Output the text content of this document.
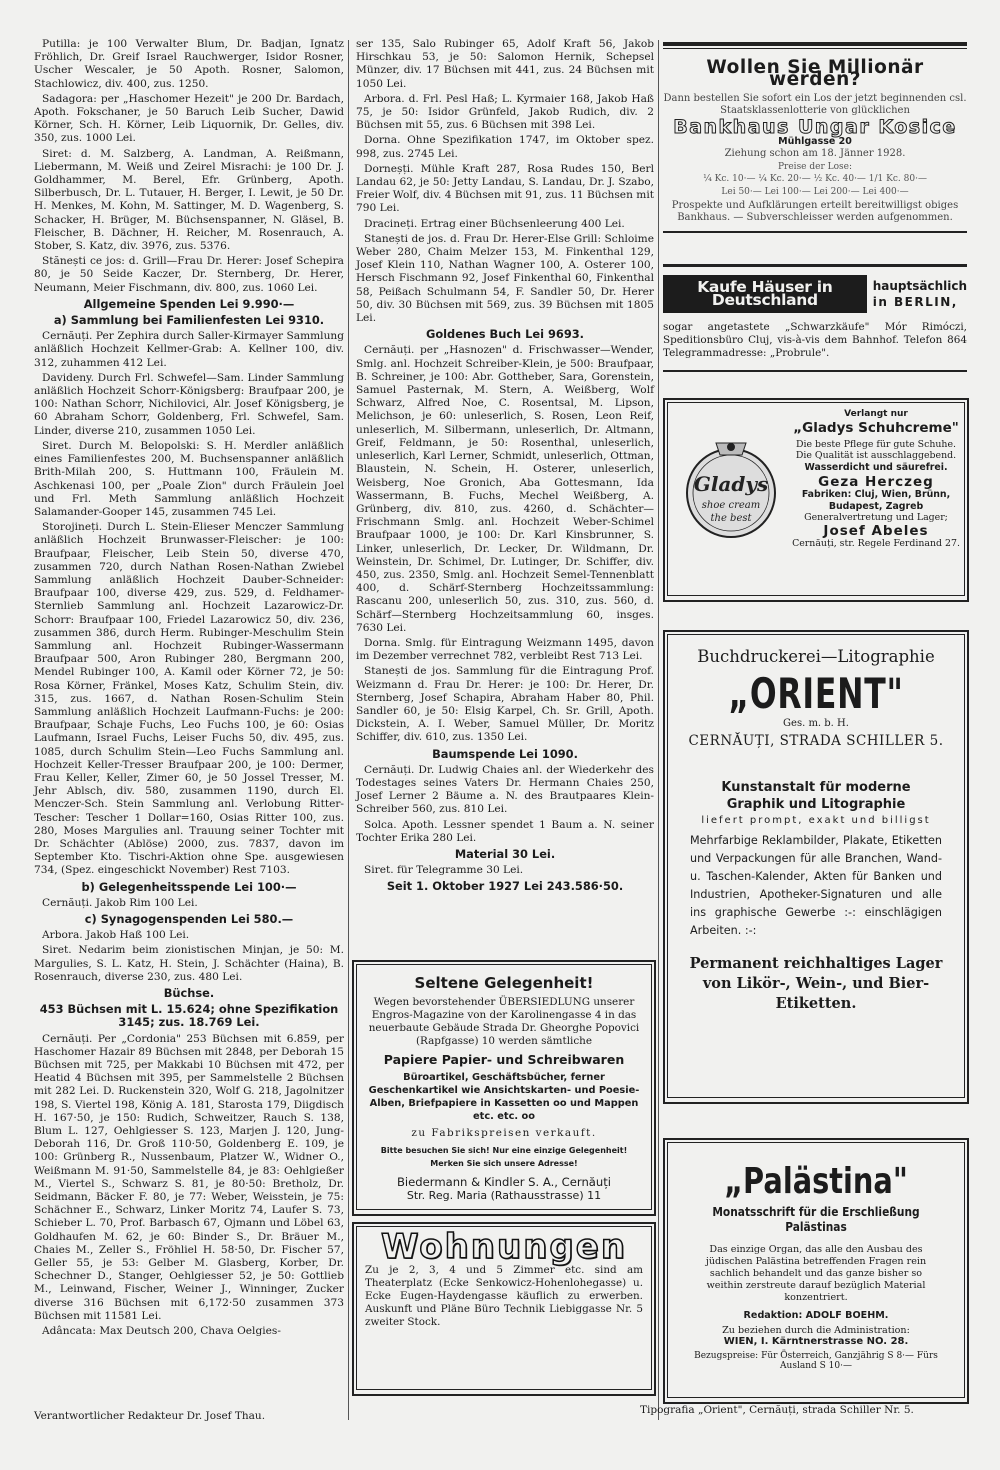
Putilla: je 100 Verwalter Blum, Dr. Badjan, Ignatz Fröhlich, Dr. Greif Israel Rauchwerger, Isidor Rosner, Uscher Wescaler, je 50 Apoth. Rosner, Salomon, Stachlowicz, div. 400, zus. 1250.

Sadagora: per „Haschomer Hezeit" je 200 Dr. Bardach, Apoth. Fokschaner, je 50 Baruch Leib Sucher, Dawid Körner, Sch. H. Körner, Leib Liquornik, Dr. Gelles, div. 350, zus. 1000 Lei.

Siret: d. M. Salzberg, A. Landman, A. Reißmann, Liebermann, M. Weiß und Zeirel Misrachi: je 100 Dr. J. Goldhammer, M. Berel, Efr. Grünberg, Apoth. Silberbusch, Dr. L. Tutauer, H. Berger, I. Lewit, je 50 Dr. H. Menkes, M. Kohn, M. Sattinger, M. D. Wagenberg, S. Schacker, H. Brüger, M. Büchsenspanner, N. Gläsel, B. Fleischer, B. Dächner, H. Reicher, M. Rosenrauch, A. Stober, S. Katz, div. 3976, zus. 5376.

Stănești ce jos: d. Grill—Frau Dr. Herer: Josef Schepira 80, je 50 Seide Kaczer, Dr. Sternberg, Dr. Herer, Neumann, Meier Fischmann, div. 800, zus. 1060 Lei.

Allgemeine Spenden Lei 9.990·—
a) Sammlung bei Familienfesten Lei 9310.

Cernăuți. Per Zephira durch Saller-Kirmayer Sammlung anläßlich Hochzeit Kellmer-Grab: A. Kellner 100, div. 312, zuhammen 412 Lei.

Davideny. Durch Frl. Schwefel—Sam. Linder Sammlung anläßlich Hochzeit Schorr-Königsberg: Braufpaar 200, je 100: Nathan Schorr, Nichilovici, Alr. Josef Königsberg, je 60 Abraham Schorr, Goldenberg, Frl. Schwefel, Sam. Linder, diverse 210, zusammen 1050 Lei.

Siret. Durch M. Belopolski: S. H. Merdler anläßlich eines Familienfestes 200, M. Buchsenspanner anläßlich Brith-Milah 200, S. Huttmann 100, Fräulein M. Aschkenasi 100, per „Poale Zion" durch Fräulein Joel und Frl. Meth Sammlung anläßlich Hochzeit Salamander-Gooper 145, zusammen 745 Lei.

Storojineți. Durch L. Stein-Elieser Menczer Sammlung anläßlich Hochzeit Brunwasser-Fleischer: je 100: Braufpaar, Fleischer, Leib Stein 50, diverse 470, zusammen 720, durch Nathan Rosen-Nathan Zwiebel Sammlung anläßlich Hochzeit Dauber-Schneider: Braufpaar 100, diverse 429, zus. 529, d. Feldhamer-Sternlieb Sammlung anl. Hochzeit Lazarowicz-Dr. Schorr: Braufpaar 100, Friedel Lazarowicz 50, div. 236, zusammen 386, durch Herm. Rubinger-Meschulim Stein Sammlung anl. Hochzeit Rubinger-Wassermann Braufpaar 500, Aron Rubinger 280, Bergmann 200, Mendel Rubinger 100, A. Kamil oder Körner 72, je 50: Rosa Körner, Fränkel, Moses Katz, Schulim Stein, div. 315, zus. 1667, d. Nathan Rosen-Schulim Stein Sammlung anläßlich Hochzeit Laufmann-Fuchs: je 200: Braufpaar, Schaje Fuchs, Leo Fuchs 100, je 60: Osias Laufmann, Israel Fuchs, Leiser Fuchs 50, div. 495, zus. 1085, durch Schulim Stein—Leo Fuchs Sammlung anl. Hochzeit Keller-Tresser Braufpaar 200, je 100: Dermer, Frau Keller, Keller, Zimer 60, je 50 Jossel Tresser, M. Jehr Ablsch, div. 580, zusammen 1190, durch El. Menczer-Sch. Stein Sammlung anl. Verlobung Ritter-Tescher: Tescher 1 Dollar=160, Osias Ritter 100, zus. 280, Moses Margulies anl. Trauung seiner Tochter mit Dr. Schächter (Ablöse) 2000, zus. 7837, davon im September Kto. Tischri-Aktion ohne Spe. ausgewiesen 734, (Spez. eingeschickt November) Rest 7103.

b) Gelegenheitsspende Lei 100·—

Cernăuți. Jakob Rim 100 Lei.

c) Synagogenspenden Lei 580.—

Arbora. Jakob Haß 100 Lei.

Siret. Nedarim beim zionistischen Minjan, je 50: M. Margulies, S. L. Katz, H. Stein, J. Schächter (Haina), B. Rosenrauch, diverse 230, zus. 480 Lei.

Büchse.
453 Büchsen mit L. 15.624; ohne Spezifikation 3145; zus. 18.769 Lei.

Cernăuți. Per „Cordonia" 253 Büchsen mit 6.859, per Haschomer Hazair 89 Büchsen mit 2848, per Deborah 15 Büchsen mit 725, per Makkabi 10 Büchsen mit 472, per Heatid 4 Büchsen mit 395, per Sammelstelle 2 Büchsen mit 282 Lei. D. Ruckenstein 320, Wolf G. 218, Jagolnitzer 198, S. Viertel 198, König A. 181, Starosta 179, Diigdisch H. 167·50, je 150: Rudich, Schweitzer, Rauch S. 138, Blum L. 127, Oehlgiesser S. 123, Marjen J. 120, Jung-Deborah 116, Dr. Groß 110·50, Goldenberg E. 109, je 100: Grünberg R., Nussenbaum, Platzer W., Widner O., Weißmann M. 91·50, Sammelstelle 84, je 83: Oehlgießer M., Viertel S., Schwarz S. 81, je 80·50: Bretholz, Dr. Seidmann, Bäcker F. 80, je 77: Weber, Weisstein, je 75: Schächner E., Schwarz, Linker Moritz 74, Laufer S. 73, Schieber L. 70, Prof. Barbasch 67, Ojmann und Löbel 63, Goldhaufen M. 62, je 60: Binder S., Dr. Bräuer M., Chaies M., Zeller S., Fröhliel H. 58·50, Dr. Fischer 57, Geller 55, je 53: Gelber M. Glasberg, Korber, Dr. Schechner D., Stanger, Oehlgiesser 52, je 50: Gottlieb M., Leinwand, Fischer, Weiner J., Winninger, Zucker diverse 316 Büchsen mit 6,172·50 zusammen 373 Büchsen mit 11581 Lei.

Adâncata: Max Deutsch 200, Chava Oelgies-

ser 135, Salo Rubinger 65, Adolf Kraft 56, Jakob Hirschkau 53, je 50: Salomon Hernik, Schepsel Münzer, div. 17 Büchsen mit 441, zus. 24 Büchsen mit 1050 Lei.

Arbora. d. Frl. Pesl Haß; L. Kyrmaier 168, Jakob Haß 75, je 50: Isidor Grünfeld, Jakob Rudich, div. 2 Büchsen mit 55, zus. 6 Büchsen mit 398 Lei.

Dorna. Ohne Spezifikation 1747, im Oktober spez. 998, zus. 2745 Lei.

Dorneșți. Mühle Kraft 287, Rosa Rudes 150, Berl Landau 62, je 50: Jetty Landau, S. Landau, Dr. J. Szabo, Freier Wolf, div. 4 Büchsen mit 91, zus. 11 Büchsen mit 790 Lei.

Dracineți. Ertrag einer Büchsenleerung 400 Lei.

Stanești de jos. d. Frau Dr. Herer-Else Grill: Schloime Weber 280, Chaim Melzer 153, M. Finkenthal 129, Josef Klein 110, Nathan Wagner 100, A. Osterer 100, Hersch Fischmann 92, Josef Finkenthal 60, Finkenthal 58, Peißach Schulmann 54, F. Sandler 50, Dr. Herer 50, div. 30 Büchsen mit 569, zus. 39 Büchsen mit 1805 Lei.

Goldenes Buch Lei 9693.

Cernăuți. per „Hasnozen" d. Frischwasser—Wender, Smlg. anl. Hochzeit Schreiber-Klein, je 500: Braufpaar, B. Schreiner, je 100: Abr. Gottheber, Sara, Gorenstein, Samuel Pasternak, M. Stern, A. Weißberg, Wolf Schwarz, Alfred Noe, C. Rosentsal, M. Lipson, Melichson, je 60: unleserlich, S. Rosen, Leon Reif, unleserlich, M. Silbermann, unleserlich, Dr. Altmann, Greif, Feldmann, je 50: Rosenthal, unleserlich, unleserlich, Karl Lerner, Schmidt, unleserlich, Ottman, Blaustein, N. Schein, H. Osterer, unleserlich, Weisberg, Noe Gronich, Aba Gottesmann, Ida Wassermann, B. Fuchs, Mechel Weißberg, A. Grünberg, div. 810, zus. 4260, d. Schächter—Frischmann Smlg. anl. Hochzeit Weber-Schimel Braufpaar 1000, je 100: Dr. Karl Kinsbrunner, S. Linker, unleserlich, Dr. Lecker, Dr. Wildmann, Dr. Weinstein, Dr. Schimel, Dr. Lutinger, Dr. Schiffer, div. 450, zus. 2350, Smlg. anl. Hochzeit Semel-Tennenblatt 400, d. Schärf-Sternberg Hochzeitssammlung: Rascanu 200, unleserlich 50, zus. 310, zus. 560, d. Schärf—Sternberg Hochzeitsammlung 60, insges. 7630 Lei.

Dorna. Smlg. für Eintragung Weizmann 1495, davon im Dezember verrechnet 782, verbleibt Rest 713 Lei.

Stanești de jos. Sammlung für die Eintragung Prof. Weizmann d. Frau Dr. Herer: je 100: Dr. Herer, Dr. Sternberg, Josef Schapira, Abraham Haber 80, Phil. Sandler 60, je 50: Elsig Karpel, Ch. Sr. Grill, Apoth. Dickstein, A. I. Weber, Samuel Müller, Dr. Moritz Schiffer, div. 610, zus. 1350 Lei.

Baumspende Lei 1090.

Cernăuți. Dr. Ludwig Chaies anl. der Wiederkehr des Todestages seines Vaters Dr. Hermann Chaies 250, Josef Lerner 2 Bäume a. N. des Brautpaares Klein-Schreiber 560, zus. 810 Lei.

Solca. Apoth. Lessner spendet 1 Baum a. N. seiner Tochter Erika 280 Lei.

Material 30 Lei.

Siret. für Telegramme 30 Lei.

Seit 1. Oktober 1927 Lei 243.586·50.
Seltene Gelegenheit!
Wegen bevorstehender ÜBERSIEDLUNG unserer Engros-Magazine von der Karolinengasse 4 in das neuerbaute Gebäude Strada Dr. Gheorghe Popovici (Rapfgasse) 10 werden sämtliche
Papiere Papier- und Schreibwaren
Büroartikel, Geschäftsbücher, ferner Geschenkartikel wie Ansichtskarten- und Poesie-Alben, Briefpapiere in Kassetten oo und Mappen etc. etc. oo
zu Fabrikspreisen verkauft.
Bitte besuchen Sie sich! Nur eine einzige Gelegenheit! Merken Sie sich unsere Adresse!
Biedermann & Kindler S. A., Cernăuți
Str. Reg. Maria (Rathausstrasse) 11
Wohnungen
Zu je 2, 3, 4 und 5 Zimmer etc. sind am Theaterplatz (Ecke Senkowicz-Hohenlohegasse) u. Ecke Eugen-Haydengasse käuflich zu erwerben. Auskunft und Pläne Büro Technik Liebiggasse Nr. 5 zweiter Stock.
Wollen Sie Millionär werden?
Dann bestellen Sie sofort ein Los der jetzt beginnenden csl. Staatsklassenlotterie von glücklichen
Bankhaus Ungar Kosice
Mühlgasse 20
Ziehung schon am 18. Jänner 1928.
Preise der Lose:
¼ Kc. 10·— ¼ Kc. 20·— ½ Kc. 40·— 1/1 Kc. 80·—
Lei 50·— Lei 100·— Lei 200·— Lei 400·—
Prospekte und Aufklärungen erteilt bereitwilligst obiges Bankhaus. — Subverschleisser werden aufgenommen.
Kaufe Häuser in Deutschland
hauptsächlich
in BERLIN,
sogar angetastete „Schwarzkäufe" Mór Rimóczi, Speditionsbüro Cluj, vis-à-vis dem Bahnhof. Telefon 864 Telegrammadresse: „Probrule".
Gladys
shoe cream
the best
Verlangt nur
„Gladys Schuhcreme"
Die beste Pflege für gute Schuhe. Die Qualität ist ausschlaggebend.
Wasserdicht und säurefrei.
Geza Herczeg
Fabriken: Cluj, Wien, Brünn, Budapest, Zagreb
Generalvertretung und Lager;
Josef Abeles
Cernăuți, str. Regele Ferdinand 27.
Buchdruckerei—Litographie
„ORIENT"
Ges. m. b. H.
CERNĂUȚI, STRADA SCHILLER 5.
Kunstanstalt für moderne Graphik und Litographie
liefert prompt, exakt und billigst
Mehrfarbige Reklambilder, Plakate, Etiketten und Verpackungen für alle Branchen, Wand- u. Taschen-Kalender, Akten für Banken und Industrien, Apotheker-Signaturen und alle ins graphische Gewerbe :-: einschlägigen Arbeiten. :-:
Permanent reichhaltiges Lager von Likör-, Wein-, und Bier-Etiketten.
„Palästina"
Monatsschrift für die Erschließung Palästinas
Das einzige Organ, das alle den Ausbau des jüdischen Palästina betreffenden Fragen rein sachlich behandelt und das ganze bisher so weithin zerstreute darauf bezüglich Material konzentriert.
Redaktion: ADOLF BOEHM.
Zu beziehen durch die Administration:
WIEN, I. Kärntnerstrasse NO. 28.
Bezugspreise: Für Österreich, Ganzjährig S 8·— Fürs Ausland S 10·—
Verantwortlicher Redakteur Dr. Josef Thau.	Tipografia „Orient", Cernăuți, strada Schiller Nr. 5.
